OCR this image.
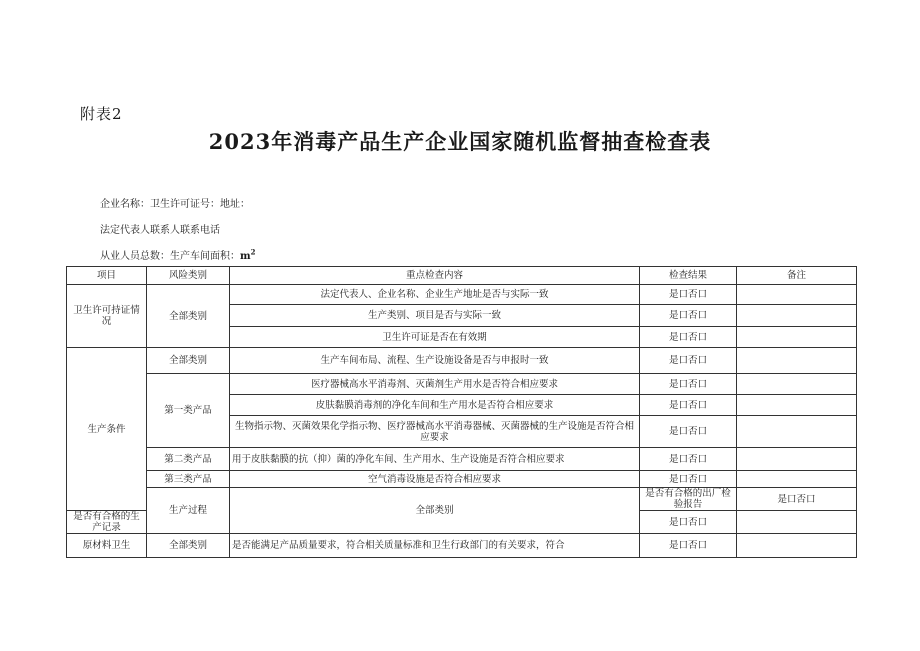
附表2
2023年消毒产品生产企业国家随机监督抽查检查表
企业名称：卫生许可证号：地址：
法定代表人联系人联系电话
从业人员总数：生产车间面积：$m^2$
项目	风险类别	重点检查内容	检查结果	备注	
卫生许可持证情况	全部类别	法定代表人、企业名称、企业生产地址是否与实际一致	是口否口		
		生产类别、项目是否与实际一致	是口否口		
		卫生许可证是否在有效期	是口否口		
生产条件	全部类别	生产车间布局、流程、生产设施设备是否与申报时一致	是口否口		
	第一类产品	医疗器械高水平消毒剂、灭菌剂生产用水是否符合相应要求	是口否口		
		皮肤黏膜消毒剂的净化车间和生产用水是否符合相应要求	是口否口		
		生物指示物、灭菌效果化学指示物、医疗器械高水平消毒器械、灭菌器械的生产设施是否符合相应要求	是口否口		
	第二类产品	用于皮肤黏膜的抗（抑）菌的净化车间、生产用水、生产设施是否符合相应要求	是口否口		
	第三类产品	空气消毒设施是否符合相应要求	是口否口		
	生产过程	全部类别	是否有合格的出厂检验报告	是口否口	
是否有合格的生产记录			是口否口		
原材料卫生	全部类别	是否能满足产品质量要求，符合相关质量标准和卫生行政部门的有关要求，符合	是口否口		
